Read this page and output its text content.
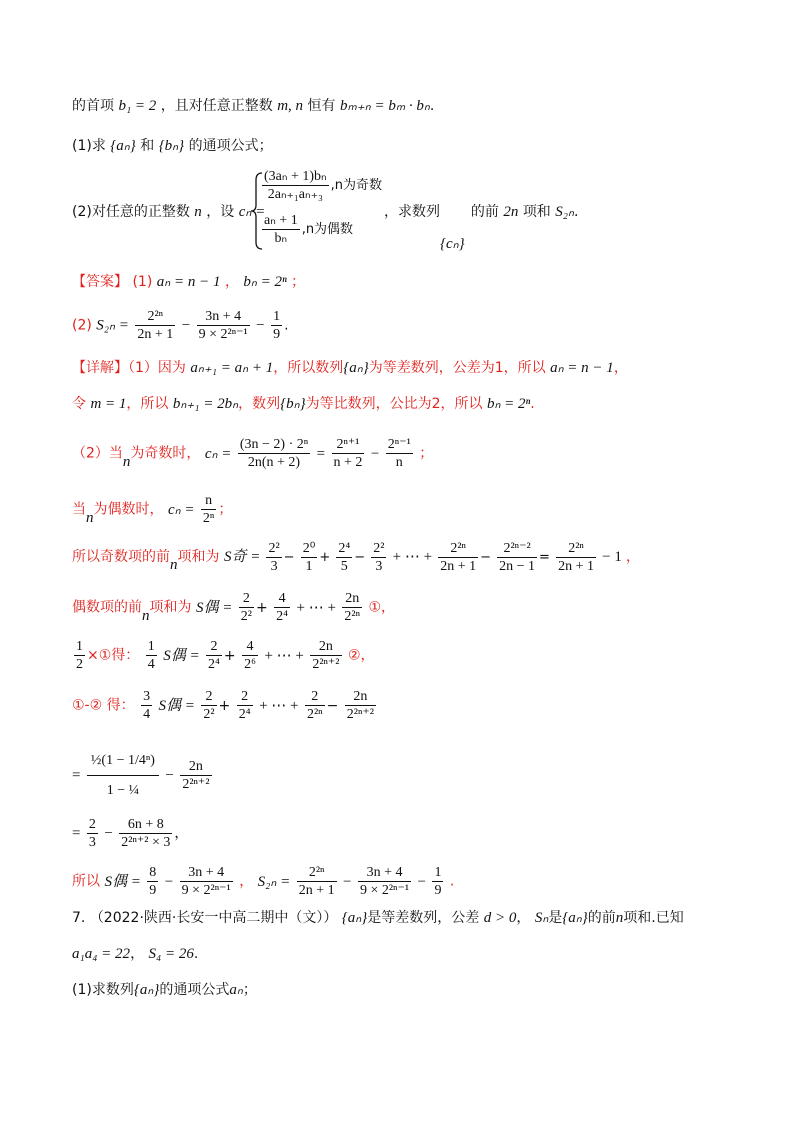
的首项 b₁ = 2 ，且对任意正整数 m, n 恒有 bₘ₊ₙ = bₘ · bₙ.
(1)求 {aₙ} 和 {bₙ} 的通项公式；
(2)对任意的正整数 n ，设 cₙ =
$\frac{\text{(3aₙ + 1)bₙ}}{\text{2aₙ₊₁aₙ₊₃}} ,n$为奇数
$\frac{\text{aₙ + 1}}{\text{bₙ}} ,n$为偶数
，求数列 的前 2n 项和 S₂ₙ.
{cₙ}
【答案】 (1) aₙ = n − 1 ， bₙ = 2ⁿ ；
(2) $S_{2n} = \frac{\text{2²ⁿ}}{2n + 1} - \frac{3n + 4}{\text{9 × 2²ⁿ⁻¹}} - \frac{1}{9}$ .
【详解】（1）因为 aₙ₊₁ = aₙ + 1，所以数列{aₙ}为等差数列，公差为1，所以 aₙ = n − 1，
令 m = 1，所以 bₙ₊₁ = 2bₙ，数列{bₙ}为等比数列，公比为2，所以 bₙ = 2ⁿ.
（2）当n为奇数时， $c_n = \frac{\text{(3n − 2) · 2ⁿ}}{2n(n + 2)} = \frac{\text{2ⁿ⁺¹}}{n + 2} - \frac{\text{2ⁿ⁻¹}}{n}$ ；
当n为偶数时， $c_n = \frac{n}{\text{2ⁿ}}$ ；
所以奇数项的前n项和为 S奇 = $\frac{\text{2²}}{3} - \frac{\text{2⁰}}{1} + \frac{\text{2⁴}}{5} - \frac{\text{2²}}{3}$ + ⋯ + $\frac{\text{2²ⁿ}}{2n + 1} - \frac{\text{2²ⁿ⁻²}}{2n - 1} = \frac{\text{2²ⁿ}}{2n + 1} - 1$ ，
偶数项的前n项和为 S偶 = $\frac{2}{\text{2²}} + \frac{4}{\text{2⁴}}$ + ⋯ + $\frac{2n}{\text{2²ⁿ}}$ ①，
$\frac{1}{2}$ ×①得： $\frac{1}{4}$ S偶 = $\frac{2}{\text{2⁴}} + \frac{4}{\text{2⁶}}$ + ⋯ + $\frac{2n}{\text{2²ⁿ⁺²}}$ ②，
①-② 得： $\frac{3}{4}$ S偶 = $\frac{2}{\text{2²}} + \frac{2}{\text{2⁴}}$ + ⋯ + $\frac{2}{\text{2²ⁿ}} - \frac{2n}{\text{2²ⁿ⁺²}}$
= $\frac{\text{½(1 − 1/4ⁿ)}}{\text{1 − ¼}} - \frac{2n}{\text{2²ⁿ⁺²}}$
= $\frac{2}{3} - \frac{6n + 8}{\text{2²ⁿ⁺² × 3}}$ ，
所以 S偶 = $\frac{8}{9} - \frac{3n + 4}{\text{9 × 2²ⁿ⁻¹}}$ ， $S_{2n} = \frac{\text{2²ⁿ}}{2n + 1} - \frac{3n + 4}{\text{9 × 2²ⁿ⁻¹}} - \frac{1}{9}$ .
7. （2022·陕西·长安一中高二期中（文）） {aₙ}是等差数列，公差 d > 0， Sₙ是{aₙ}的前n项和.已知
a₁a₄ = 22， S₄ = 26.
(1)求数列{aₙ}的通项公式aₙ；
